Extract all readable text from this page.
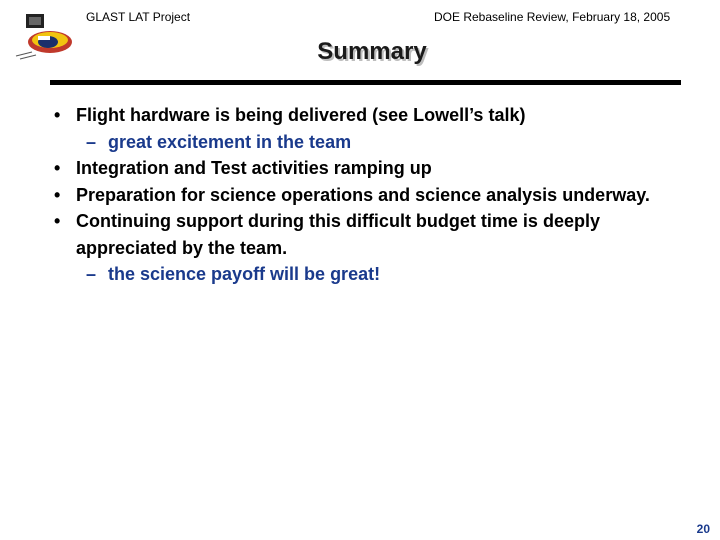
GLAST LAT Project	DOE Rebaseline Review, February 18, 2005
Summary
• Flight hardware is being delivered (see Lowell’s talk)
– great excitement in the team
• Integration and Test activities ramping up
• Preparation for science operations and science analysis underway.
• Continuing support during this difficult budget time is deeply appreciated by the team.
– the science payoff will be great!
20
